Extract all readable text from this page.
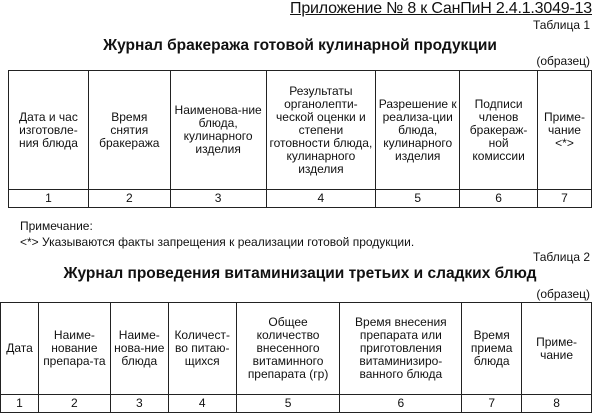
Приложение № 8 к СанПиН 2.4.1.3049-13
Таблица 1
Журнал бракеража готовой кулинарной продукции
(образец)
Дата и час изготовле-ния блюда	Время снятия бракеража	Наименова-ние блюда, кулинарного изделия	Результаты органолепти-ческой оценки и степени готовности блюда, кулинарного изделия	Разрешение к реализа-ции блюда, кулинарного изделия	Подписи членов бракераж-ной комиссии	Приме-чание <*>
1	2	3	4	5	6	7
Примечание:
<*> Указываются факты запрещения к реализации готовой продукции.
Таблица 2
Журнал проведения витаминизации третьих и сладких блюд
(образец)
Дата	Наиме-нование препара-та	Наиме-нова-ние блюда	Количест-во питаю-щихся	Общее количество внесенного витаминного препарата (гр)	Время внесения препарата или приготовления витаминизиро-ванного блюда	Время приема блюда	Приме-чание
1	2	3	4	5	6	7	8
